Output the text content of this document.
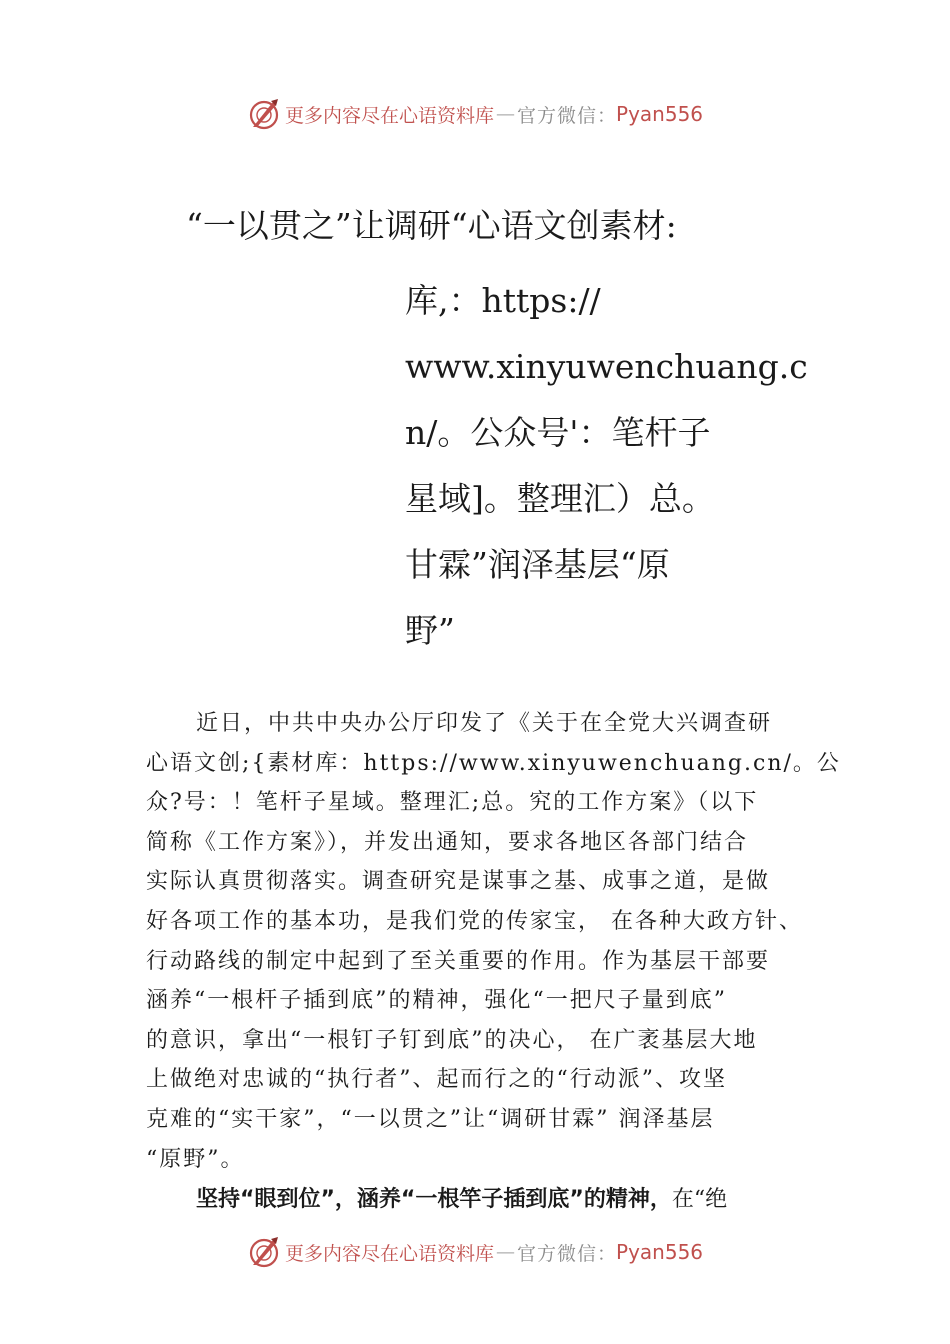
更多内容尽在心语资料库 — 官方微信 ： Pyan556
“一以贯之”让调研“心语文创素材:
库,：https://
www.xinyuwenchuang.c
n/。公众号'：笔杆子
星域]。整理汇）总。
甘霖”润泽基层“原
野”
近日，中共中央办公厅印发了《关于在全党大兴调查研
心语文创;{素材库：https://www.xinyuwenchuang.cn/。公
众?号：！笔杆子星域。整理汇;总。究的工作方案》（以下
简称《工作方案》），并发出通知，要求各地区各部门结合
实际认真贯彻落实。调查研究是谋事之基、成事之道，是做
好各项工作的基本功，是我们党的传家宝， 在各种大政方针、
行动路线的制定中起到了至关重要的作用。作为基层干部要
涵养“一根杆子插到底”的精神，强化“一把尺子量到底”
的意识，拿出“一根钉子钉到底”的决心， 在广袤基层大地
上做绝对忠诚的“执行者”、起而行之的“行动派”、攻坚
克难的“实干家”，“一以贯之”让“调研甘霖” 润泽基层
“原野”。
坚持“眼到位”，涵养“一根竿子插到底”的精神，在“绝
更多内容尽在心语资料库 — 官方微信 ： Pyan556
